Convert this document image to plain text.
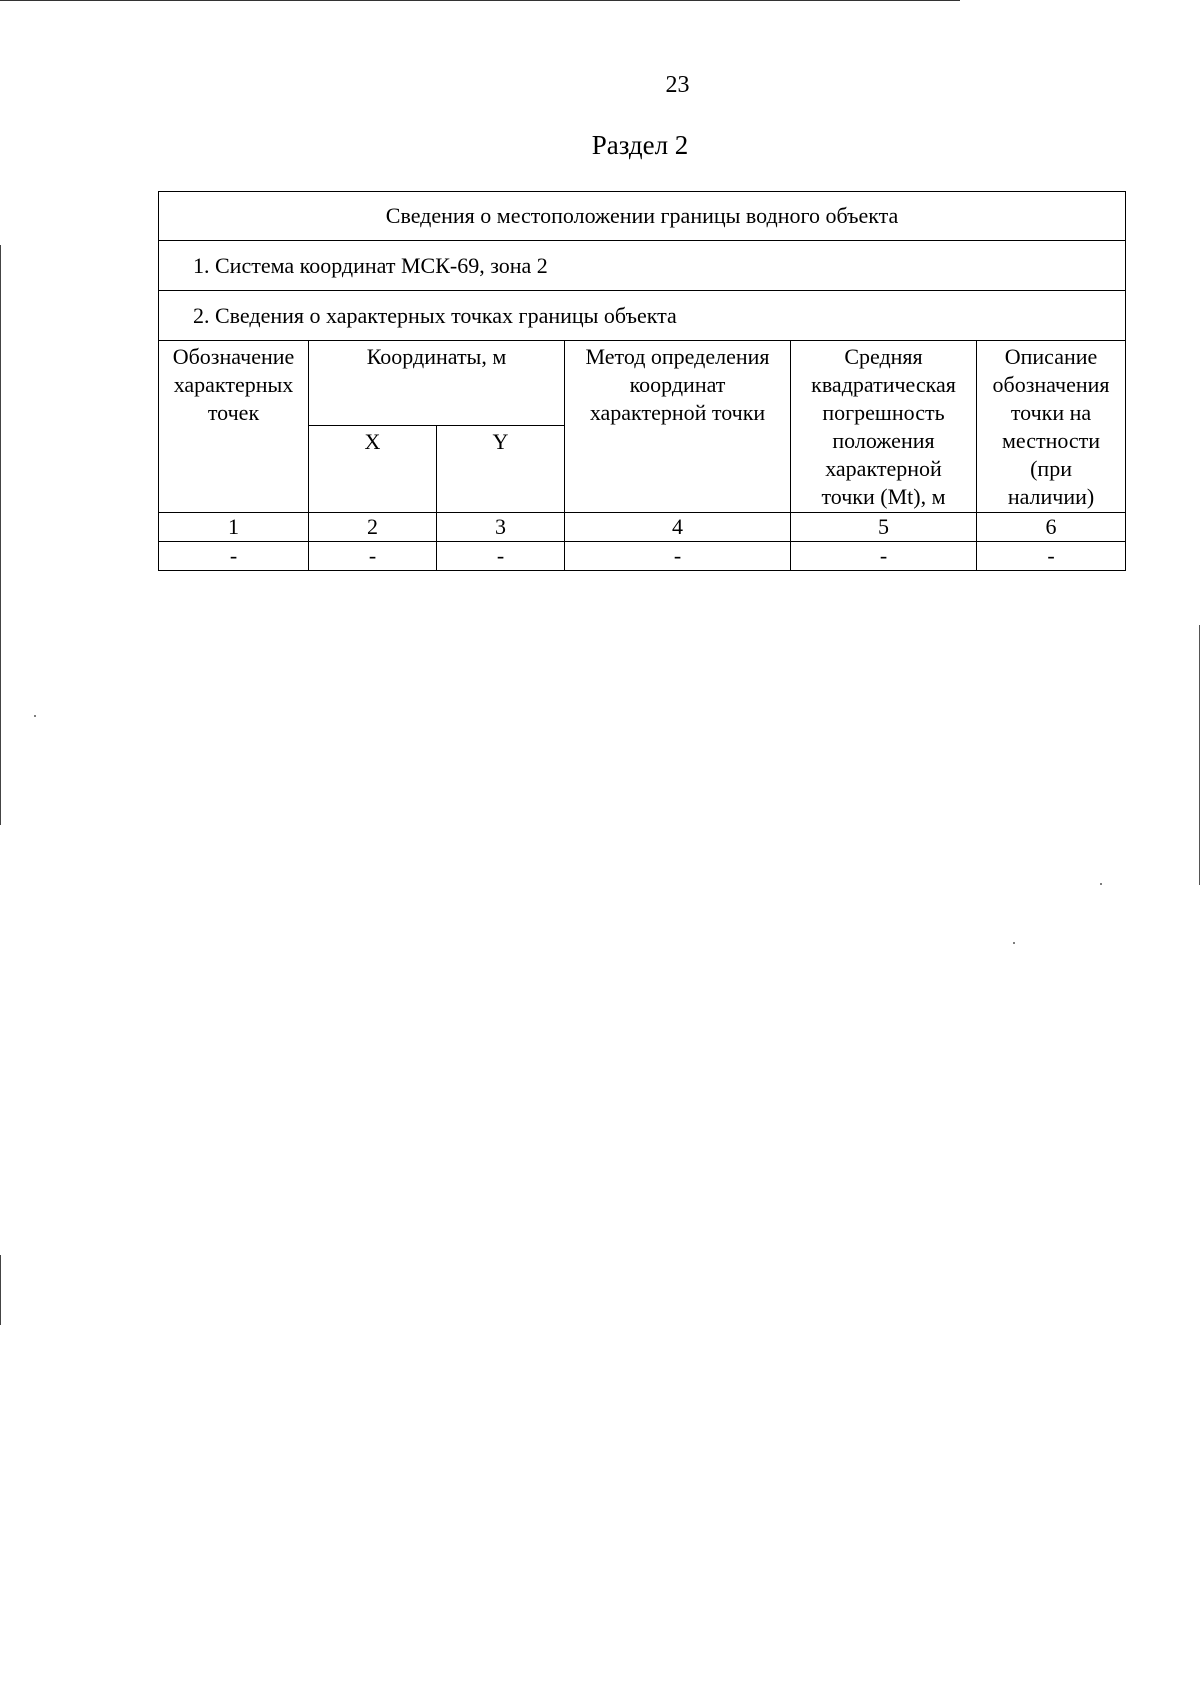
23
Раздел 2
Сведения о местоположении границы водного объекта					
1. Система координат МСК-69, зона 2					
2. Сведения о характерных точках границы объекта					
Обозначение характерных точек	Координаты, м		Метод определения координат характерной точки	Средняя квадратическая погрешность положения характерной точки (Mt), м	Описание обозначения точки на местности (при наличии)
	X	Y			
1	2	3	4	5	6
-	-	-	-	-	-
